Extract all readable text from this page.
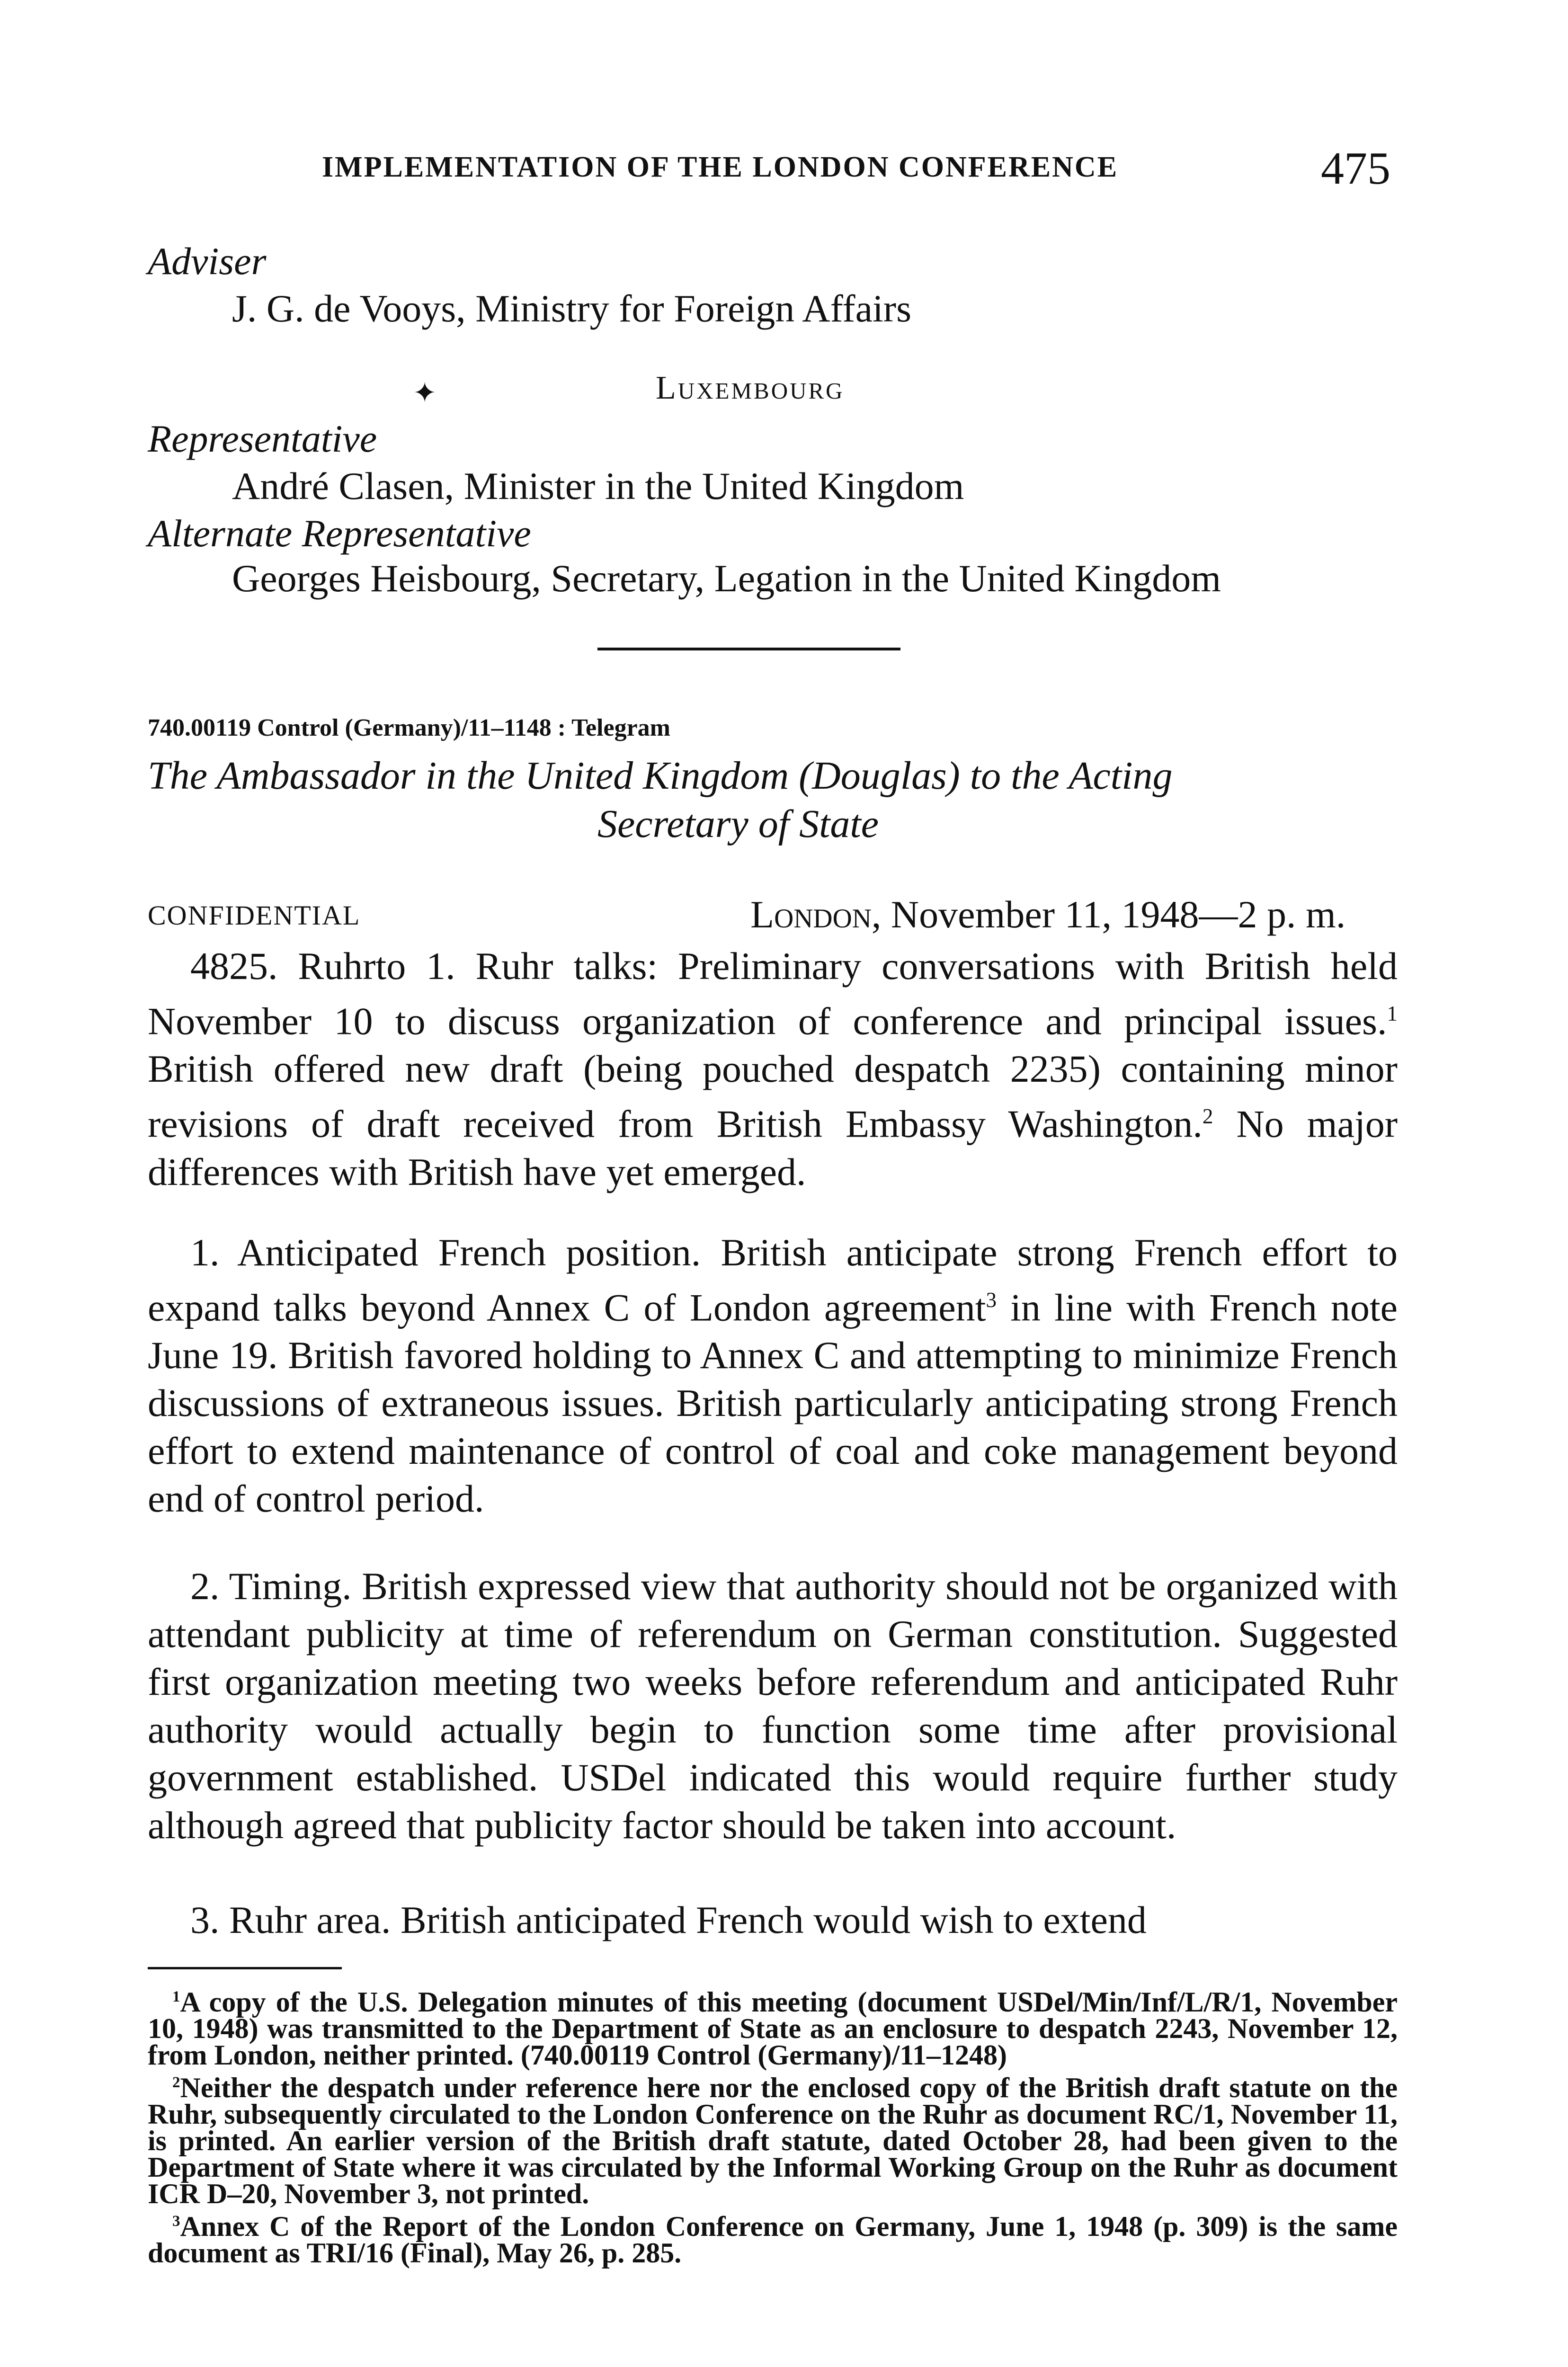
IMPLEMENTATION OF THE LONDON CONFERENCE	475
Adviser
J. G. de Vooys, Ministry for Foreign Affairs
✦	Luxembourg
Representative
André Clasen, Minister in the United Kingdom
Alternate Representative
Georges Heisbourg, Secretary, Legation in the United Kingdom
740.00119 Control (Germany)/11–1148 : Telegram
The Ambassador in the United Kingdom (Douglas) to the Acting
Secretary of State
CONFIDENTIAL	London, November 11, 1948—2 p. m.

4825. Ruhrto 1. Ruhr talks: Preliminary conversations with British held November 10 to discuss organization of conference and principal issues.$^1$ British offered new draft (being pouched despatch 2235) containing minor revisions of draft received from British Embassy Washington.$^2$ No major differences with British have yet emerged.

1. Anticipated French position. British anticipate strong French effort to expand talks beyond Annex C of London agreement$^3$ in line with French note June 19. British favored holding to Annex C and attempting to minimize French discussions of extraneous issues. British particularly anticipating strong French effort to extend maintenance of control of coal and coke management beyond end of control period.

2. Timing. British expressed view that authority should not be organized with attendant publicity at time of referendum on German constitution. Suggested first organization meeting two weeks before referendum and anticipated Ruhr authority would actually begin to function some time after provisional government established. USDel indicated this would require further study although agreed that publicity factor should be taken into account.

3. Ruhr area. British anticipated French would wish to extend

$^1$A copy of the U.S. Delegation minutes of this meeting (document USDel/Min/Inf/L/R/1, November 10, 1948) was transmitted to the Department of State as an enclosure to despatch 2243, November 12, from London, neither printed. (740.00119 Control (Germany)/11–1248)

$^2$Neither the despatch under reference here nor the enclosed copy of the British draft statute on the Ruhr, subsequently circulated to the London Conference on the Ruhr as document RC/1, November 11, is printed. An earlier version of the British draft statute, dated October 28, had been given to the Department of State where it was circulated by the Informal Working Group on the Ruhr as document ICR D–20, November 3, not printed.

$^3$Annex C of the Report of the London Conference on Germany, June 1, 1948 (p. 309) is the same document as TRI/16 (Final), May 26, p. 285.
